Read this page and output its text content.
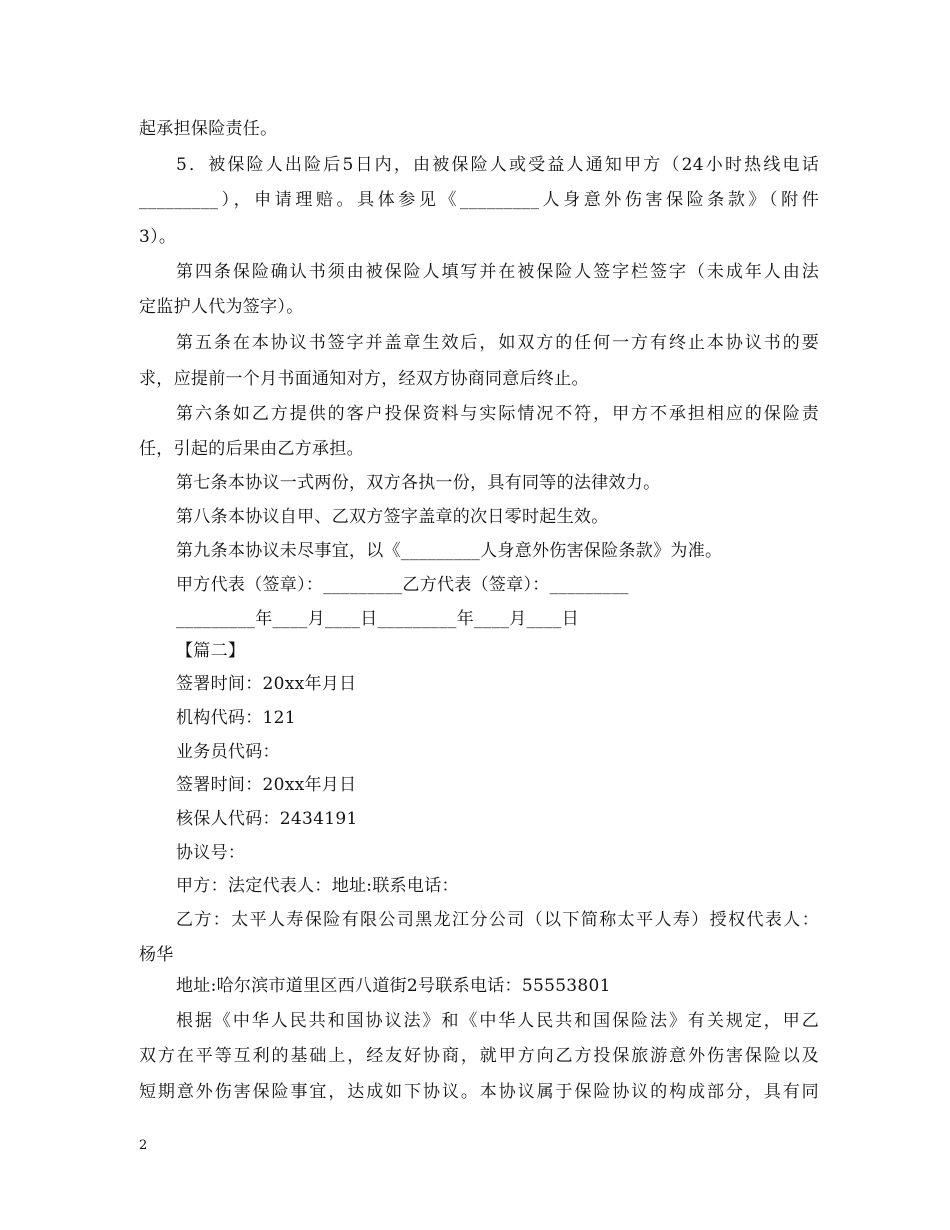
起承担保险责任。
5．被保险人出险后5日内，由被保险人或受益人通知甲方（24小时热线电话
_________），申请理赔。具体参见《_________人身意外伤害保险条款》（附件
3）。
第四条保险确认书须由被保险人填写并在被保险人签字栏签字（未成年人由法
定监护人代为签字）。
第五条在本协议书签字并盖章生效后，如双方的任何一方有终止本协议书的要
求，应提前一个月书面通知对方，经双方协商同意后终止。
第六条如乙方提供的客户投保资料与实际情况不符，甲方不承担相应的保险责
任，引起的后果由乙方承担。
第七条本协议一式两份，双方各执一份，具有同等的法律效力。
第八条本协议自甲、乙双方签字盖章的次日零时起生效。
第九条本协议未尽事宜，以《_________人身意外伤害保险条款》为准。
甲方代表（签章）：_________乙方代表（签章）：_________
_________年____月____日_________年____月____日
【篇二】
签署时间：20xx年月日
机构代码：121
业务员代码：
签署时间：20xx年月日
核保人代码：2434191
协议号：
甲方：法定代表人：地址:联系电话：
乙方：太平人寿保险有限公司黑龙江分公司（以下简称太平人寿）授权代表人：
杨华
地址:哈尔滨市道里区西八道街2号联系电话：55553801
根据《中华人民共和国协议法》和《中华人民共和国保险法》有关规定，甲乙
双方在平等互利的基础上，经友好协商，就甲方向乙方投保旅游意外伤害保险以及
短期意外伤害保险事宜，达成如下协议。本协议属于保险协议的构成部分，具有同
2
